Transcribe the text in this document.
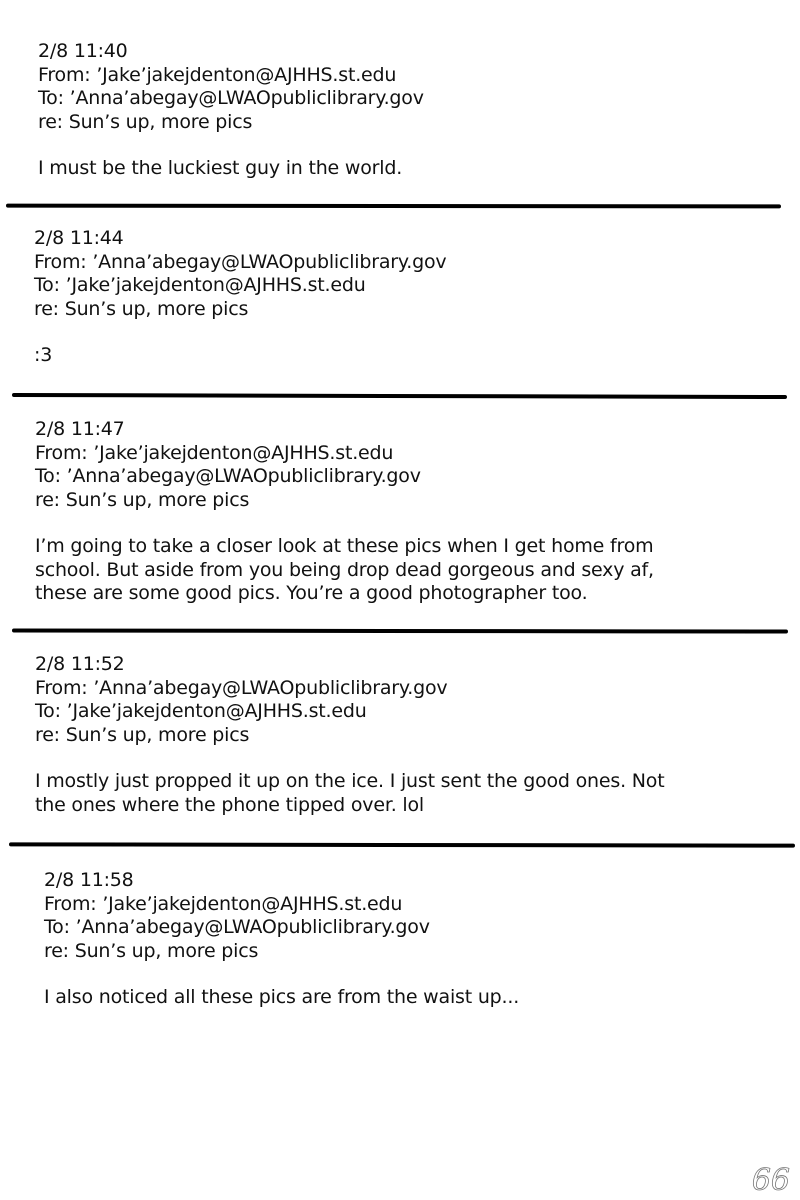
2/8 11:40
From: ’Jake’jakejdenton@AJHHS.st.edu
To: ’Anna’abegay@LWAOpubliclibrary.gov
re: Sun’s up, more pics
I must be the luckiest guy in the world.
2/8 11:44
From: ’Anna’abegay@LWAOpubliclibrary.gov
To: ’Jake’jakejdenton@AJHHS.st.edu
re: Sun’s up, more pics
:3
2/8 11:47
From: ’Jake’jakejdenton@AJHHS.st.edu
To: ’Anna’abegay@LWAOpubliclibrary.gov
re: Sun’s up, more pics
I’m going to take a closer look at these pics when I get home from
school. But aside from you being drop dead gorgeous and sexy af,
these are some good pics. You’re a good photographer too.
2/8 11:52
From: ’Anna’abegay@LWAOpubliclibrary.gov
To: ’Jake’jakejdenton@AJHHS.st.edu
re: Sun’s up, more pics
I mostly just propped it up on the ice. I just sent the good ones. Not
the ones where the phone tipped over. lol
2/8 11:58
From: ’Jake’jakejdenton@AJHHS.st.edu
To: ’Anna’abegay@LWAOpubliclibrary.gov
re: Sun’s up, more pics
I also noticed all these pics are from the waist up...
66
